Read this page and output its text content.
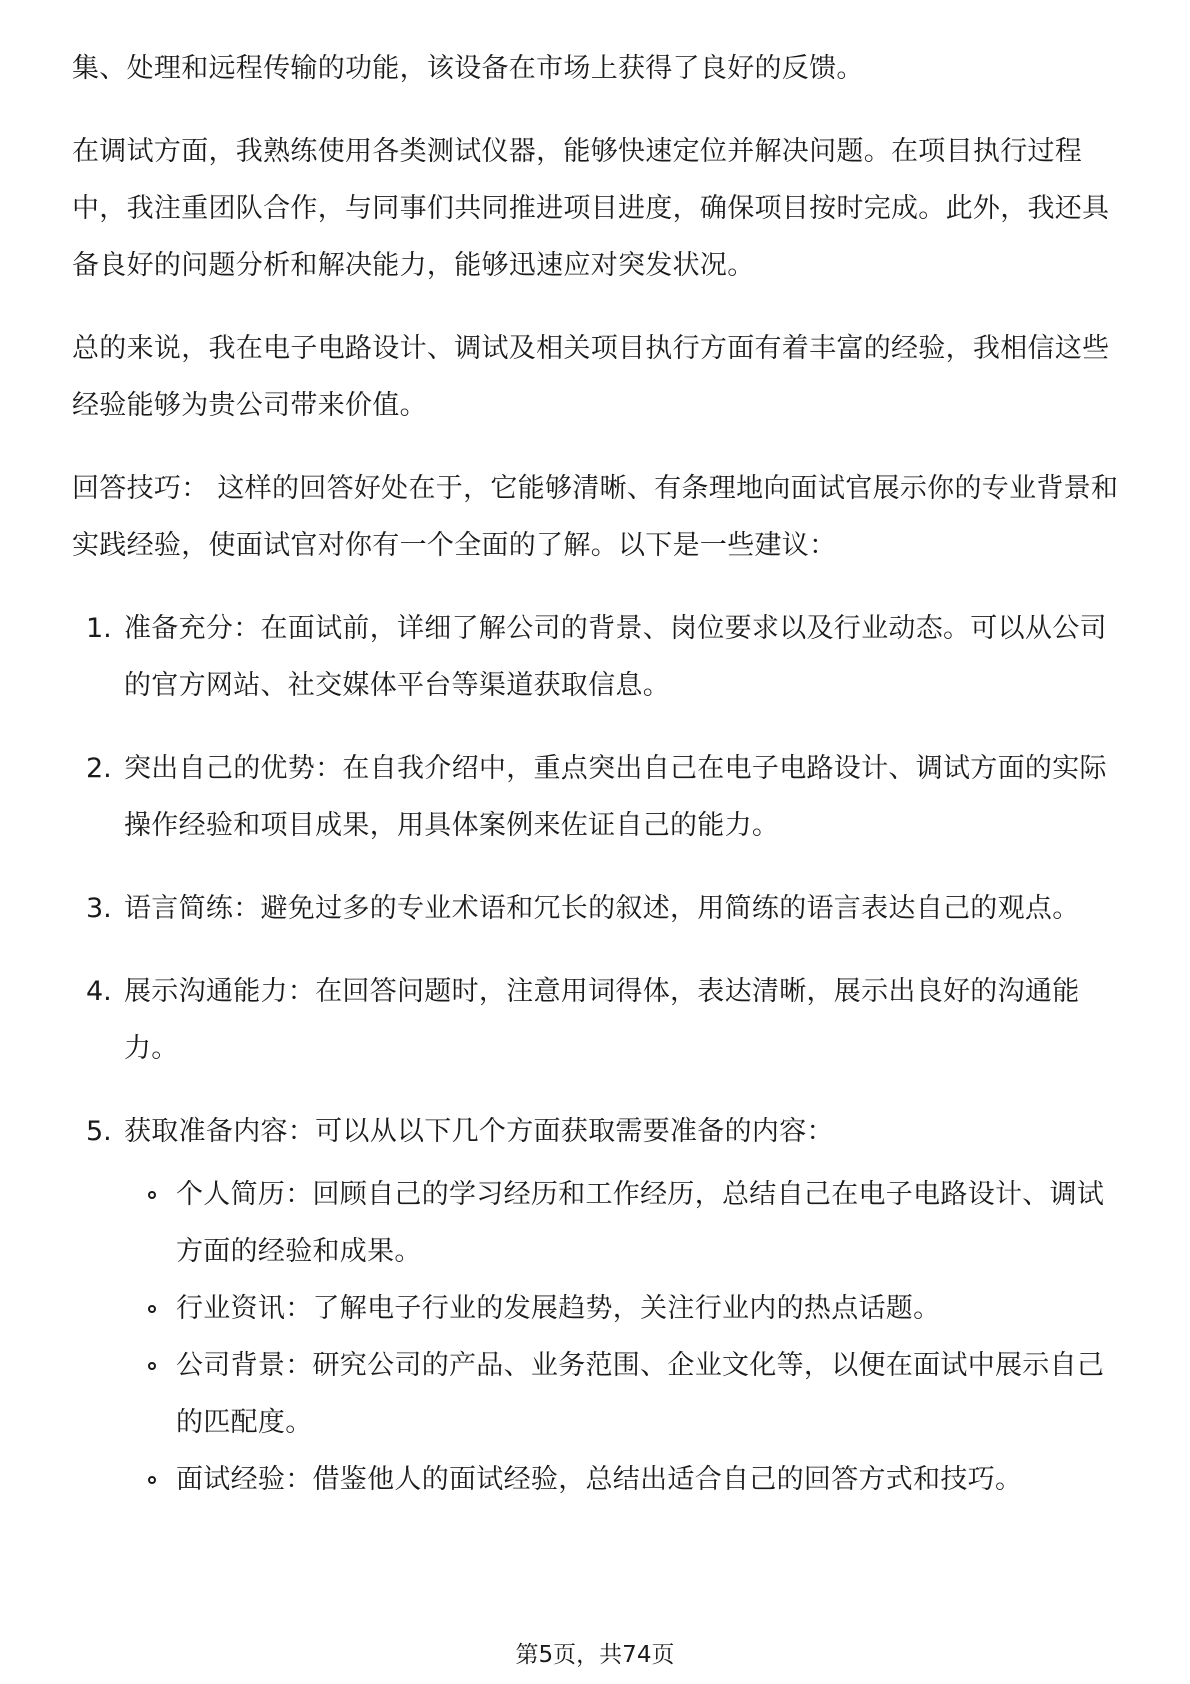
集、处理和远程传输的功能，该设备在市场上获得了良好的反馈。

在调试方面，我熟练使用各类测试仪器，能够快速定位并解决问题。在项目执行过程中，我注重团队合作，与同事们共同推进项目进度，确保项目按时完成。此外，我还具备良好的问题分析和解决能力，能够迅速应对突发状况。

总的来说，我在电子电路设计、调试及相关项目执行方面有着丰富的经验，我相信这些经验能够为贵公司带来价值。

回答技巧： 这样的回答好处在于，它能够清晰、有条理地向面试官展示你的专业背景和实践经验，使面试官对你有一个全面的了解。以下是一些建议：

1. 准备充分：在面试前，详细了解公司的背景、岗位要求以及行业动态。可以从公司的官方网站、社交媒体平台等渠道获取信息。

2. 突出自己的优势：在自我介绍中，重点突出自己在电子电路设计、调试方面的实际操作经验和项目成果，用具体案例来佐证自己的能力。

3. 语言简练：避免过多的专业术语和冗长的叙述，用简练的语言表达自己的观点。

4. 展示沟通能力：在回答问题时，注意用词得体，表达清晰，展示出良好的沟通能力。

5. 获取准备内容：可以从以下几个方面获取需要准备的内容：

个人简历：回顾自己的学习经历和工作经历，总结自己在电子电路设计、调试方面的经验和成果。

行业资讯：了解电子行业的发展趋势，关注行业内的热点话题。

公司背景：研究公司的产品、业务范围、企业文化等，以便在面试中展示自己的匹配度。

面试经验：借鉴他人的面试经验，总结出适合自己的回答方式和技巧。

第5页，共74页
